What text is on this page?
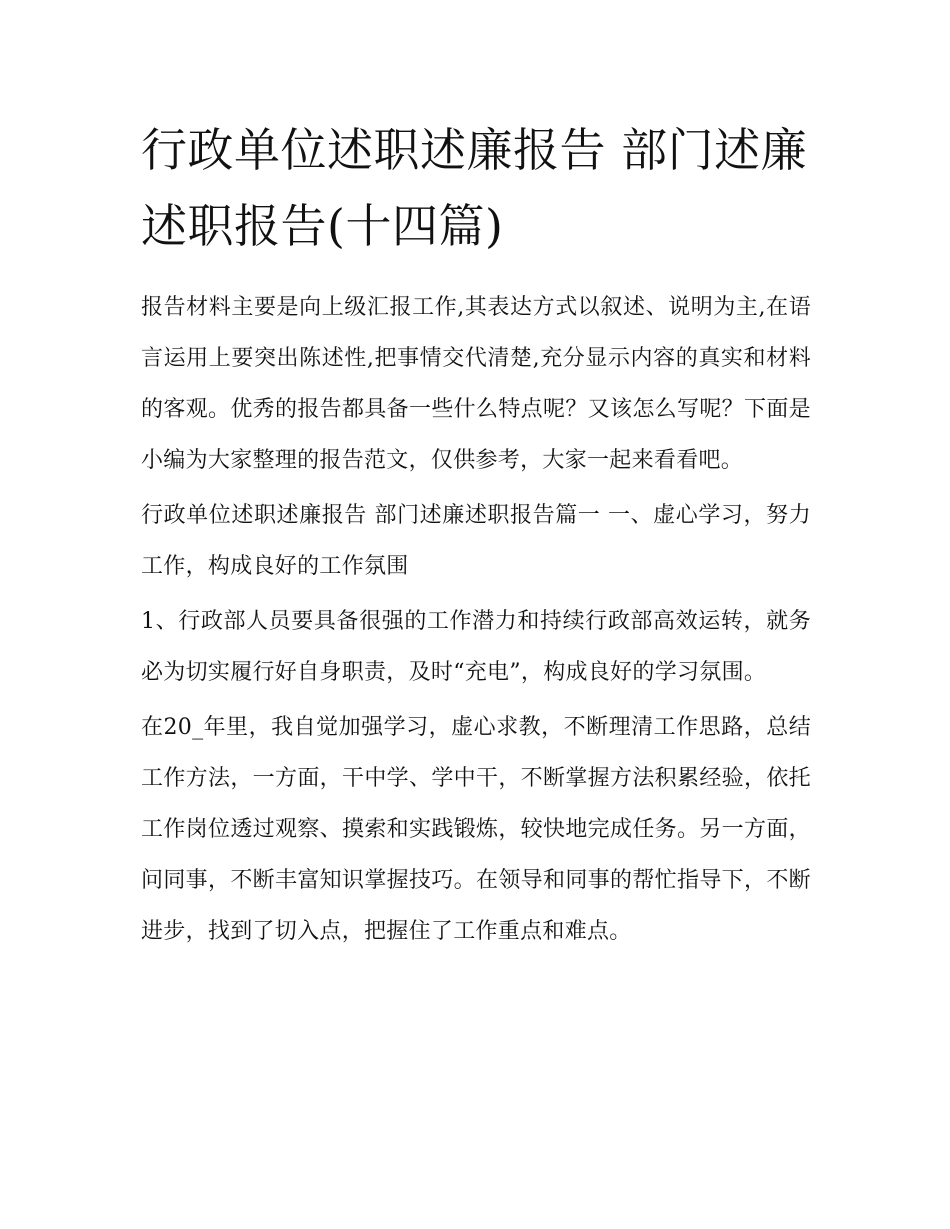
行政单位述职述廉报告 部门述廉述职报告(十四篇)

报告材料主要是向上级汇报工作,其表达方式以叙述、说明为主,在语言运用上要突出陈述性,把事情交代清楚,充分显示内容的真实和材料的客观。优秀的报告都具备一些什么特点呢？又该怎么写呢？下面是小编为大家整理的报告范文，仅供参考，大家一起来看看吧。

行政单位述职述廉报告 部门述廉述职报告篇一 一、虚心学习，努力工作，构成良好的工作氛围

1、行政部人员要具备很强的工作潜力和持续行政部高效运转，就务必为切实履行好自身职责，及时“充电”，构成良好的学习氛围。

在20_年里，我自觉加强学习，虚心求教，不断理清工作思路，总结工作方法，一方面，干中学、学中干，不断掌握方法积累经验，依托工作岗位透过观察、摸索和实践锻炼，较快地完成任务。另一方面，问同事，不断丰富知识掌握技巧。在领导和同事的帮忙指导下，不断进步，找到了切入点，把握住了工作重点和难点。
